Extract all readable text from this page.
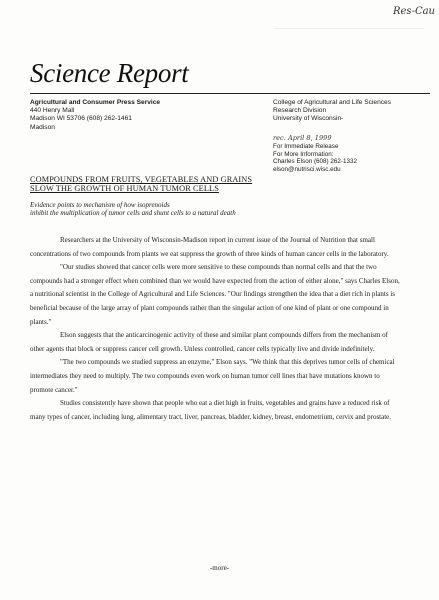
Res-Cau
Science Report
Agricultural and Consumer Press Service
440 Henry Mall
Madison WI 53706 (608) 262-1461
Madison
College of Agricultural and Life Sciences
Research Division
University of Wisconsin-
rec. April 8, 1999
For Immediate Release
For More Information:
Charles Elson (608) 262-1332
elson@nutrisci.wisc.edu
COMPOUNDS FROM FRUITS, VEGETABLES AND GRAINS
SLOW THE GROWTH OF HUMAN TUMOR CELLS
Evidence points to mechanism of how isoprenoids
inhibit the multiplication of tumor cells and shunt cells to a natural death

Researchers at the University of Wisconsin-Madison report in current issue of the Journal of Nutrition that small concentrations of two compounds from plants we eat suppress the growth of three kinds of human cancer cells in the laboratory.

"Our studies showed that cancer cells were more sensitive to these compounds than normal cells and that the two compounds had a stronger effect when combined than we would have expected from the action of either alone," says Charles Elson, a nutritional scientist in the College of Agricultural and Life Sciences. "Our findings strengthen the idea that a diet rich in plants is beneficial because of the large array of plant compounds rather than the singular action of one kind of plant or one compound in plants."

Elson suggests that the anticarcinogenic activity of these and similar plant compounds differs from the mechanism of other agents that block or suppress cancer cell growth. Unless controlled, cancer cells typically live and divide indefinitely.

"The two compounds we studied suppress an enzyme," Elson says. "We think that this deprives tumor cells of chemical intermediates they need to multiply. The two compounds even work on human tumor cell lines that have mutations known to promote cancer."

Studies consistently have shown that people who eat a diet high in fruits, vegetables and grains have a reduced risk of many types of cancer, including lung, alimentary tract, liver, pancreas, bladder, kidney, breast, endometrium, cervix and prostate.

-more-
